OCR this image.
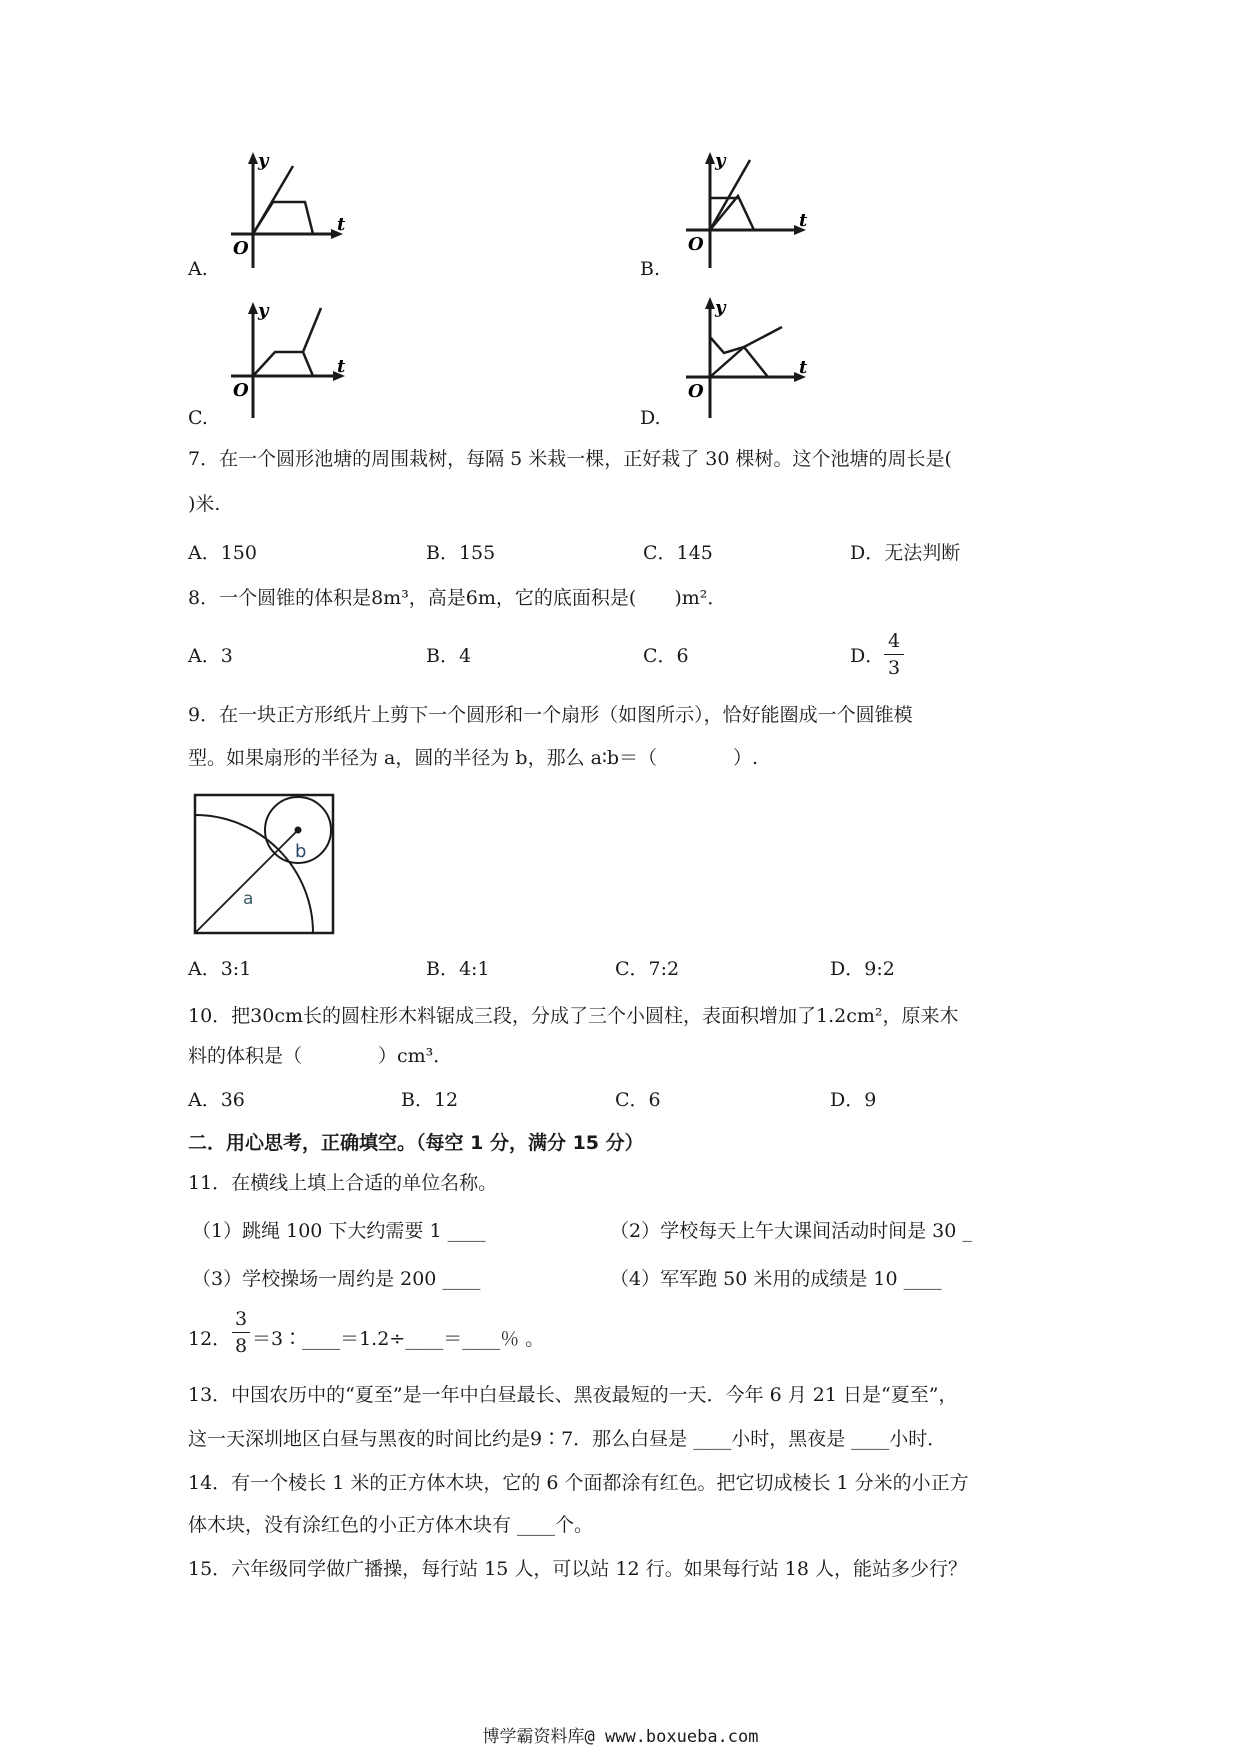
A.
y
t
O
B.
y
t
O
C.
y
t
O
D.
y
t
O
7．在一个圆形池塘的周围栽树，每隔 5 米栽一棵，正好栽了 30 棵树。这个池塘的周长是(
)米.
A．150	B．155	C．145	D．无法判断
8．一个圆锥的体积是8m³，高是6m，它的底面积是(　　)m²．
A．3	B．4	C．6	D．
4
3
9．在一块正方形纸片上剪下一个圆形和一个扇形（如图所示），恰好能圈成一个圆锥模
型。如果扇形的半径为 a，圆的半径为 b，那么 a∶b＝（　　　　）.
a
b
A．3:1	B．4:1	C．7:2	D．9:2
10．把30cm长的圆柱形木料锯成三段，分成了三个小圆柱，表面积增加了1.2cm²，原来木
料的体积是（　　　　）cm³．
A．36	B．12	C．6	D．9
二．用心思考，正确填空。（每空 1 分，满分 15 分）
11．在横线上填上合适的单位名称。
（1）跳绳 100 下大约需要 1 ____	（2）学校每天上午大课间活动时间是 30 _
（3）学校操场一周约是 200 ____	（4）军军跑 50 米用的成绩是 10 ____
12．
3
8 ＝3∶____＝1.2÷____＝____％ 。
13．中国农历中的“夏至”是一年中白昼最长、黑夜最短的一天．今年 6 月 21 日是“夏至”，
这一天深圳地区白昼与黑夜的时间比约是9∶7．那么白昼是 ____小时，黑夜是 ____小时．
14．有一个棱长 1 米的正方体木块，它的 6 个面都涂有红色。把它切成棱长 1 分米的小正方
体木块，没有涂红色的小正方体木块有 ____个。
15．六年级同学做广播操，每行站 15 人，可以站 12 行。如果每行站 18 人，能站多少行？
博学霸资料库@ www.boxueba.com
